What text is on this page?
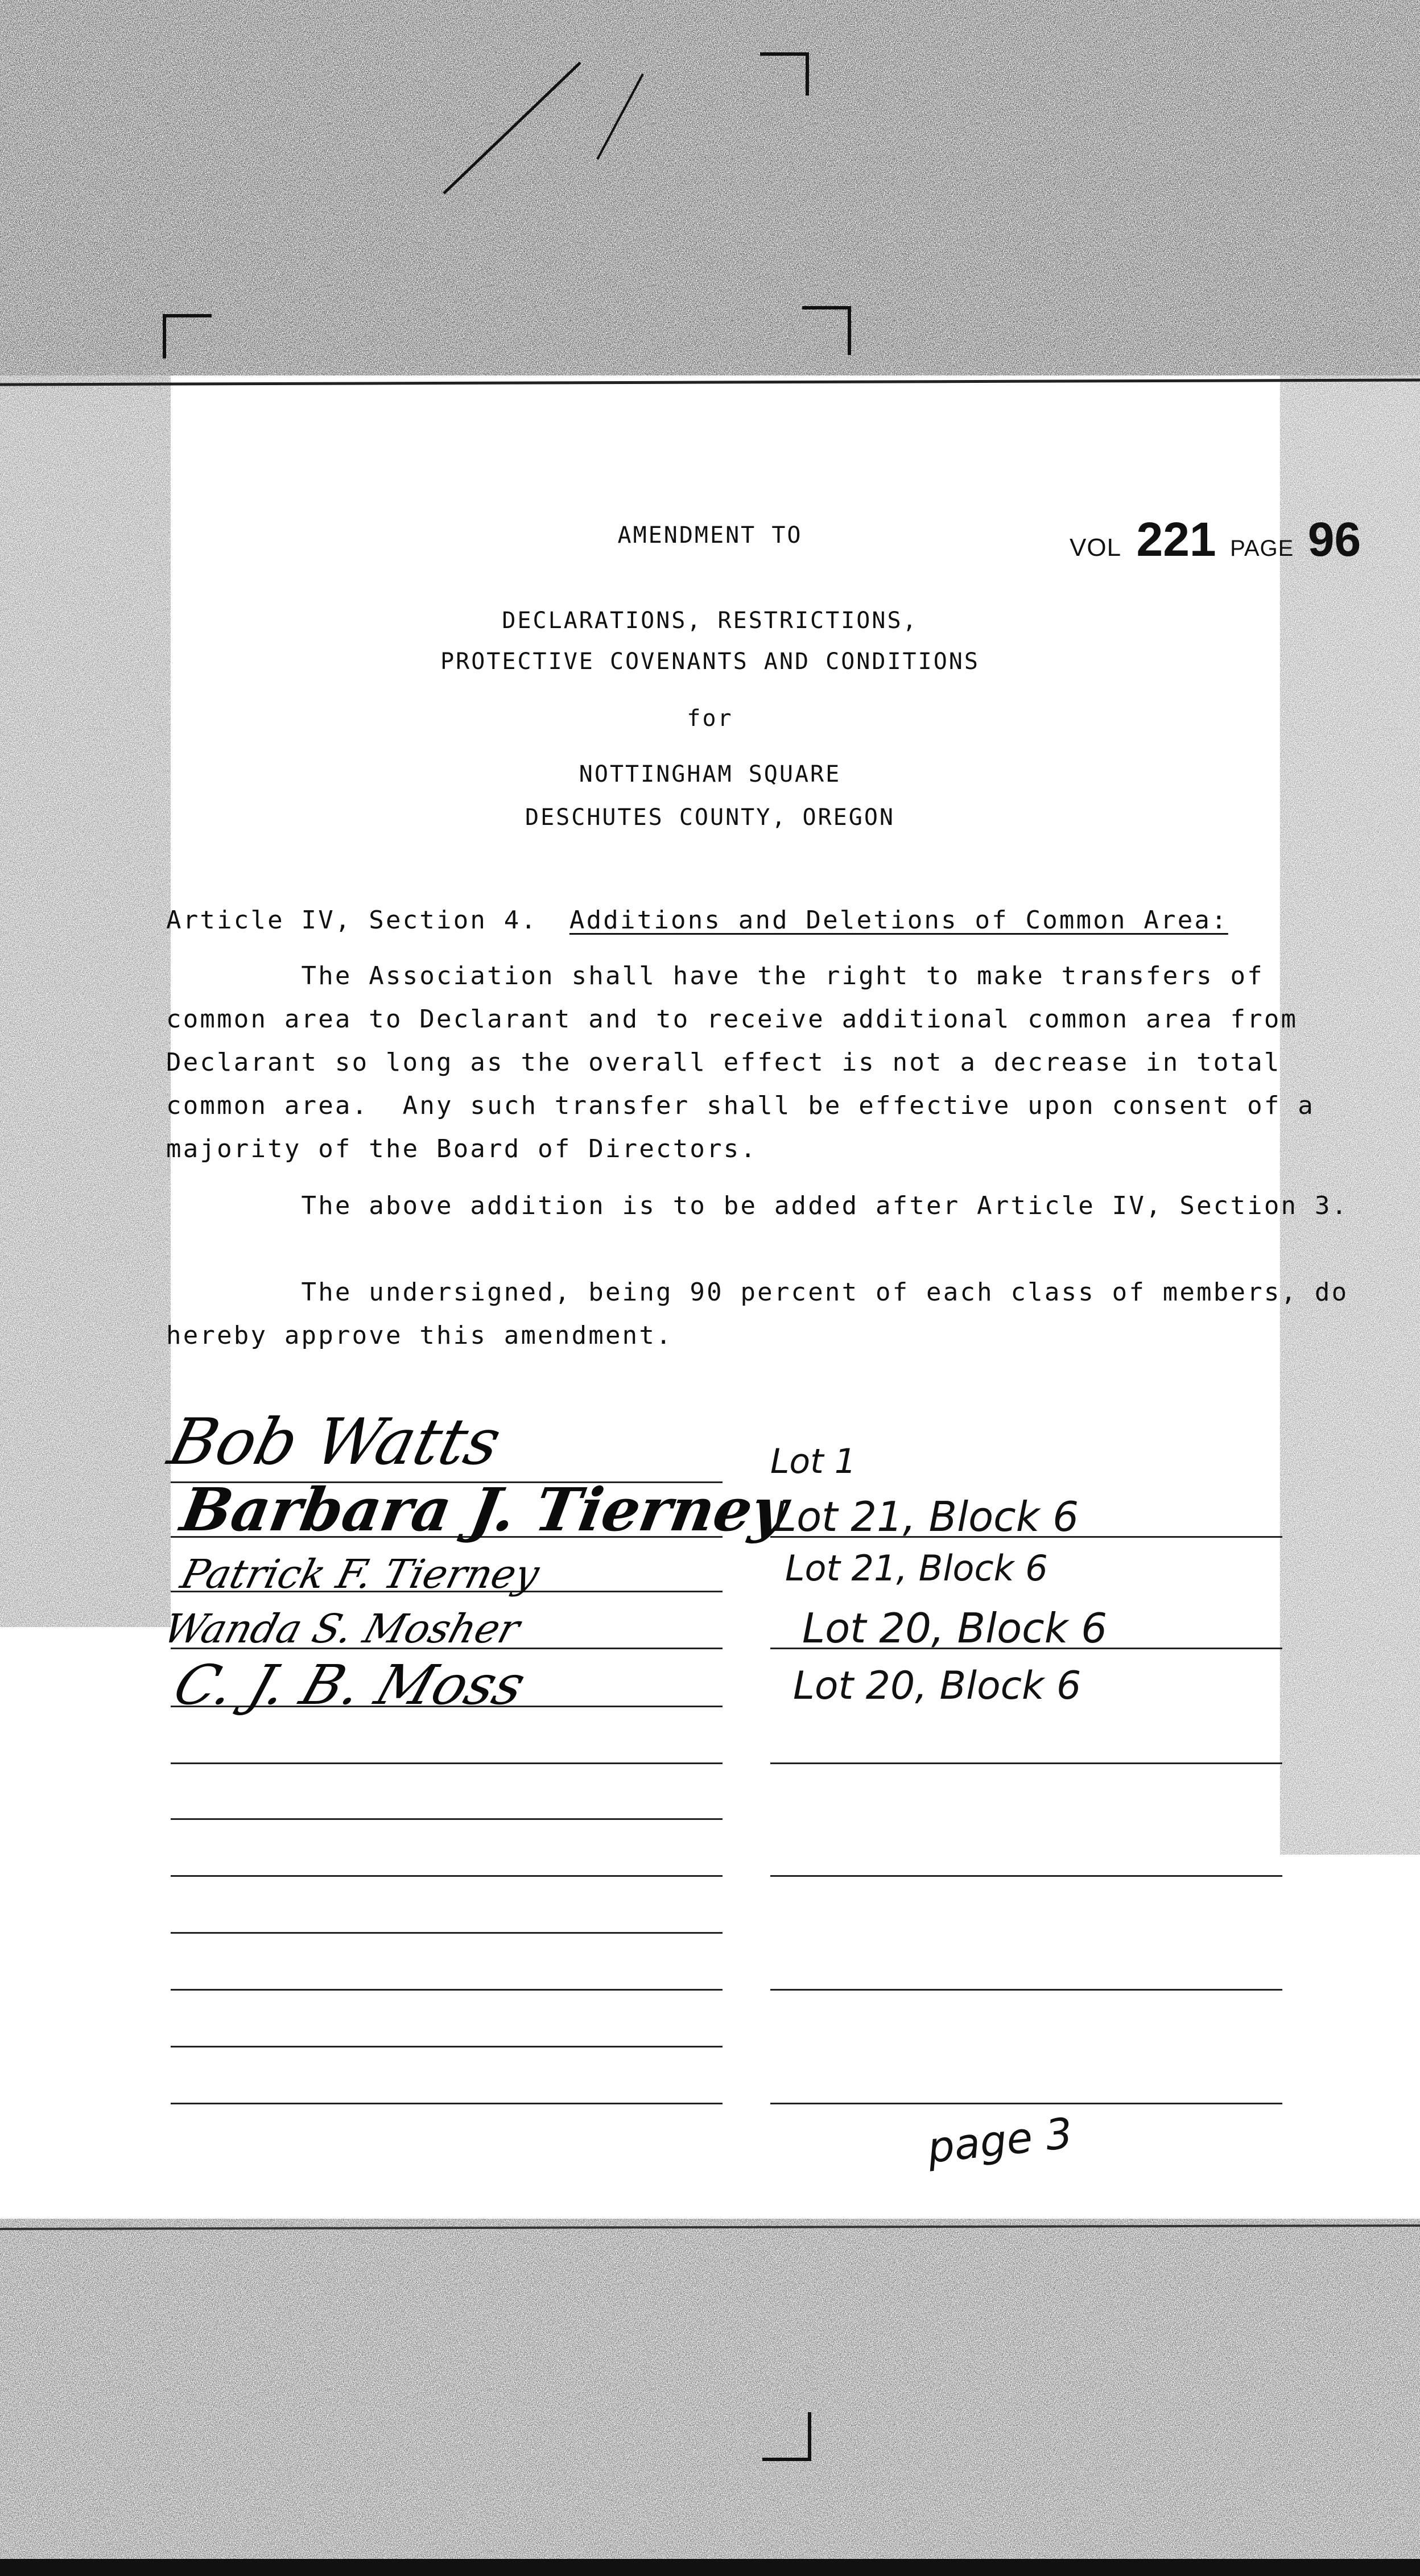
AMENDMENT TO	VOL 221 PAGE 96
DECLARATIONS, RESTRICTIONS,
PROTECTIVE COVENANTS AND CONDITIONS
for
NOTTINGHAM SQUARE
DESCHUTES COUNTY, OREGON
Article IV, Section 4. Additions and Deletions of Common Area:
The Association shall have the right to make transfers of
common area to Declarant and to receive additional common area from
Declarant so long as the overall effect is not a decrease in total
common area.  Any such transfer shall be effective upon consent of a
majority of the Board of Directors.
The above addition is to be added after Article IV, Section 3.
The undersigned, being 90 percent of each class of members, do
hereby approve this amendment.
Bob Watts
Barbara J. Tierney
Patrick F. Tierney
Wanda S. Mosher
C. J. B. Moss
Lot 1
Lot 21, Block 6
Lot 21, Block 6
Lot 20, Block 6
Lot 20, Block 6
page 3
